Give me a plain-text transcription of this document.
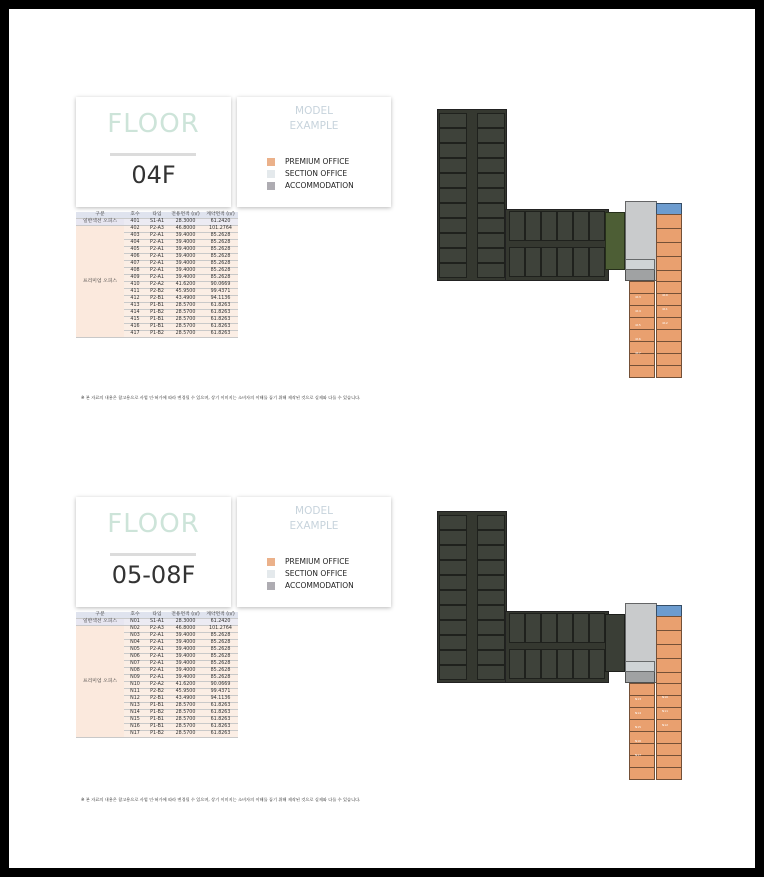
FLOOR
04F
MODEL
EXAMPLE
PREMIUM OFFICE
SECTION OFFICE
ACCOMMODATION
구분	호수	타입	전용면적 (㎡)	계약면적 (㎡)
일반섹션 오피스	401	S1-A1	28.3000	61.2420
프리미엄 오피스	402	P2-A3	46.8000	101.2764
	403	P2-A1	39.4000	85.2628
	404	P2-A1	39.4000	85.2628
	405	P2-A1	39.4000	85.2628
	406	P2-A1	39.4000	85.2628
	407	P2-A1	39.4000	85.2628
	408	P2-A1	39.4000	85.2628
	409	P2-A1	39.4000	85.2628
	410	P2-A2	41.6200	90.0669
	411	P2-B2	45.9500	99.4371
	412	P2-B1	43.4900	94.1136
	413	P1-B1	28.5700	61.8263
	414	P1-B2	28.5700	61.8263
	415	P1-B1	28.5700	61.8263
	416	P1-B1	28.5700	61.8263
	417	P1-B2	28.5700	61.8263
※ 본 자료의 내용은 참고용으로 사업 인·허가에 따라 변경될 수 있으며, 상기 이미지는 소비자의 이해를 돕기 위해 제작된 것으로 실제와 다를 수 있습니다.
413
414
415
416
417
410
411
412
FLOOR
05-08F
MODEL
EXAMPLE
PREMIUM OFFICE
SECTION OFFICE
ACCOMMODATION
구분	호수	타입	전용면적 (㎡)	계약면적 (㎡)
일반섹션 오피스	N01	S1-A1	28.3000	61.2420
프리미엄 오피스	N02	P2-A3	46.8000	101.2764
	N03	P2-A1	39.4000	85.2628
	N04	P2-A1	39.4000	85.2628
	N05	P2-A1	39.4000	85.2628
	N06	P2-A1	39.4000	85.2628
	N07	P2-A1	39.4000	85.2628
	N08	P2-A1	39.4000	85.2628
	N09	P2-A1	39.4000	85.2628
	N10	P2-A2	41.6200	90.0669
	N11	P2-B2	45.9500	99.4371
	N12	P2-B1	43.4900	94.1136
	N13	P1-B1	28.5700	61.8263
	N14	P1-B2	28.5700	61.8263
	N15	P1-B1	28.5700	61.8263
	N16	P1-B1	28.5700	61.8263
	N17	P1-B2	28.5700	61.8263
※ 본 자료의 내용은 참고용으로 사업 인·허가에 따라 변경될 수 있으며, 상기 이미지는 소비자의 이해를 돕기 위해 제작된 것으로 실제와 다를 수 있습니다.
N13
N14
N15
N16
N17
N10
N11
N12
